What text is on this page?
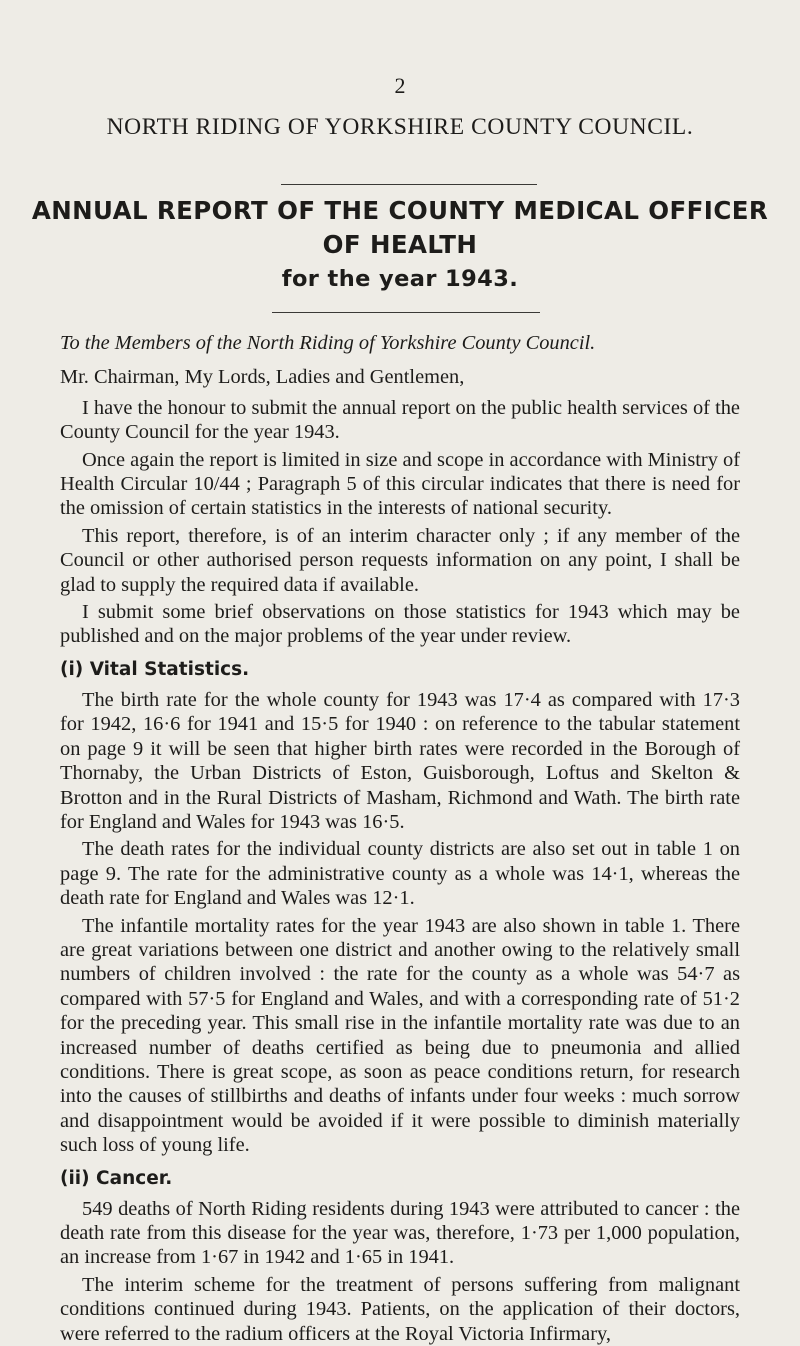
2
NORTH RIDING OF YORKSHIRE COUNTY COUNCIL.
ANNUAL REPORT OF THE COUNTY MEDICAL OFFICER
OF HEALTH
for the year 1943.

To the Members of the North Riding of Yorkshire County Council.

Mr. Chairman, My Lords, Ladies and Gentlemen,

I have the honour to submit the annual report on the public health services of the County Council for the year 1943.

Once again the report is limited in size and scope in accordance with Ministry of Health Circular 10/44 ; Paragraph 5 of this circular indicates that there is need for the omission of certain statistics in the interests of national security.

This report, therefore, is of an interim character only ; if any member of the Council or other authorised person requests information on any point, I shall be glad to supply the required data if available.

I submit some brief observations on those statistics for 1943 which may be published and on the major problems of the year under review.

(i) Vital Statistics.

The birth rate for the whole county for 1943 was 17·4 as compared with 17·3 for 1942, 16·6 for 1941 and 15·5 for 1940 : on reference to the tabular statement on page 9 it will be seen that higher birth rates were recorded in the Borough of Thornaby, the Urban Districts of Eston, Guisborough, Loftus and Skelton & Brotton and in the Rural Districts of Masham, Richmond and Wath. The birth rate for England and Wales for 1943 was 16·5.

The death rates for the individual county districts are also set out in table 1 on page 9. The rate for the administrative county as a whole was 14·1, whereas the death rate for England and Wales was 12·1.

The infantile mortality rates for the year 1943 are also shown in table 1. There are great variations between one district and another owing to the relatively small numbers of children involved : the rate for the county as a whole was 54·7 as compared with 57·5 for England and Wales, and with a corresponding rate of 51·2 for the preceding year. This small rise in the infantile mortality rate was due to an increased number of deaths certified as being due to pneumonia and allied conditions. There is great scope, as soon as peace conditions return, for research into the causes of stillbirths and deaths of infants under four weeks : much sorrow and disappointment would be avoided if it were possible to diminish materially such loss of young life.

(ii) Cancer.

549 deaths of North Riding residents during 1943 were attributed to cancer : the death rate from this disease for the year was, therefore, 1·73 per 1,000 population, an increase from 1·67 in 1942 and 1·65 in 1941.

The interim scheme for the treatment of persons suffering from malignant conditions continued during 1943. Patients, on the application of their doctors, were referred to the radium officers at the Royal Victoria Infirmary,
